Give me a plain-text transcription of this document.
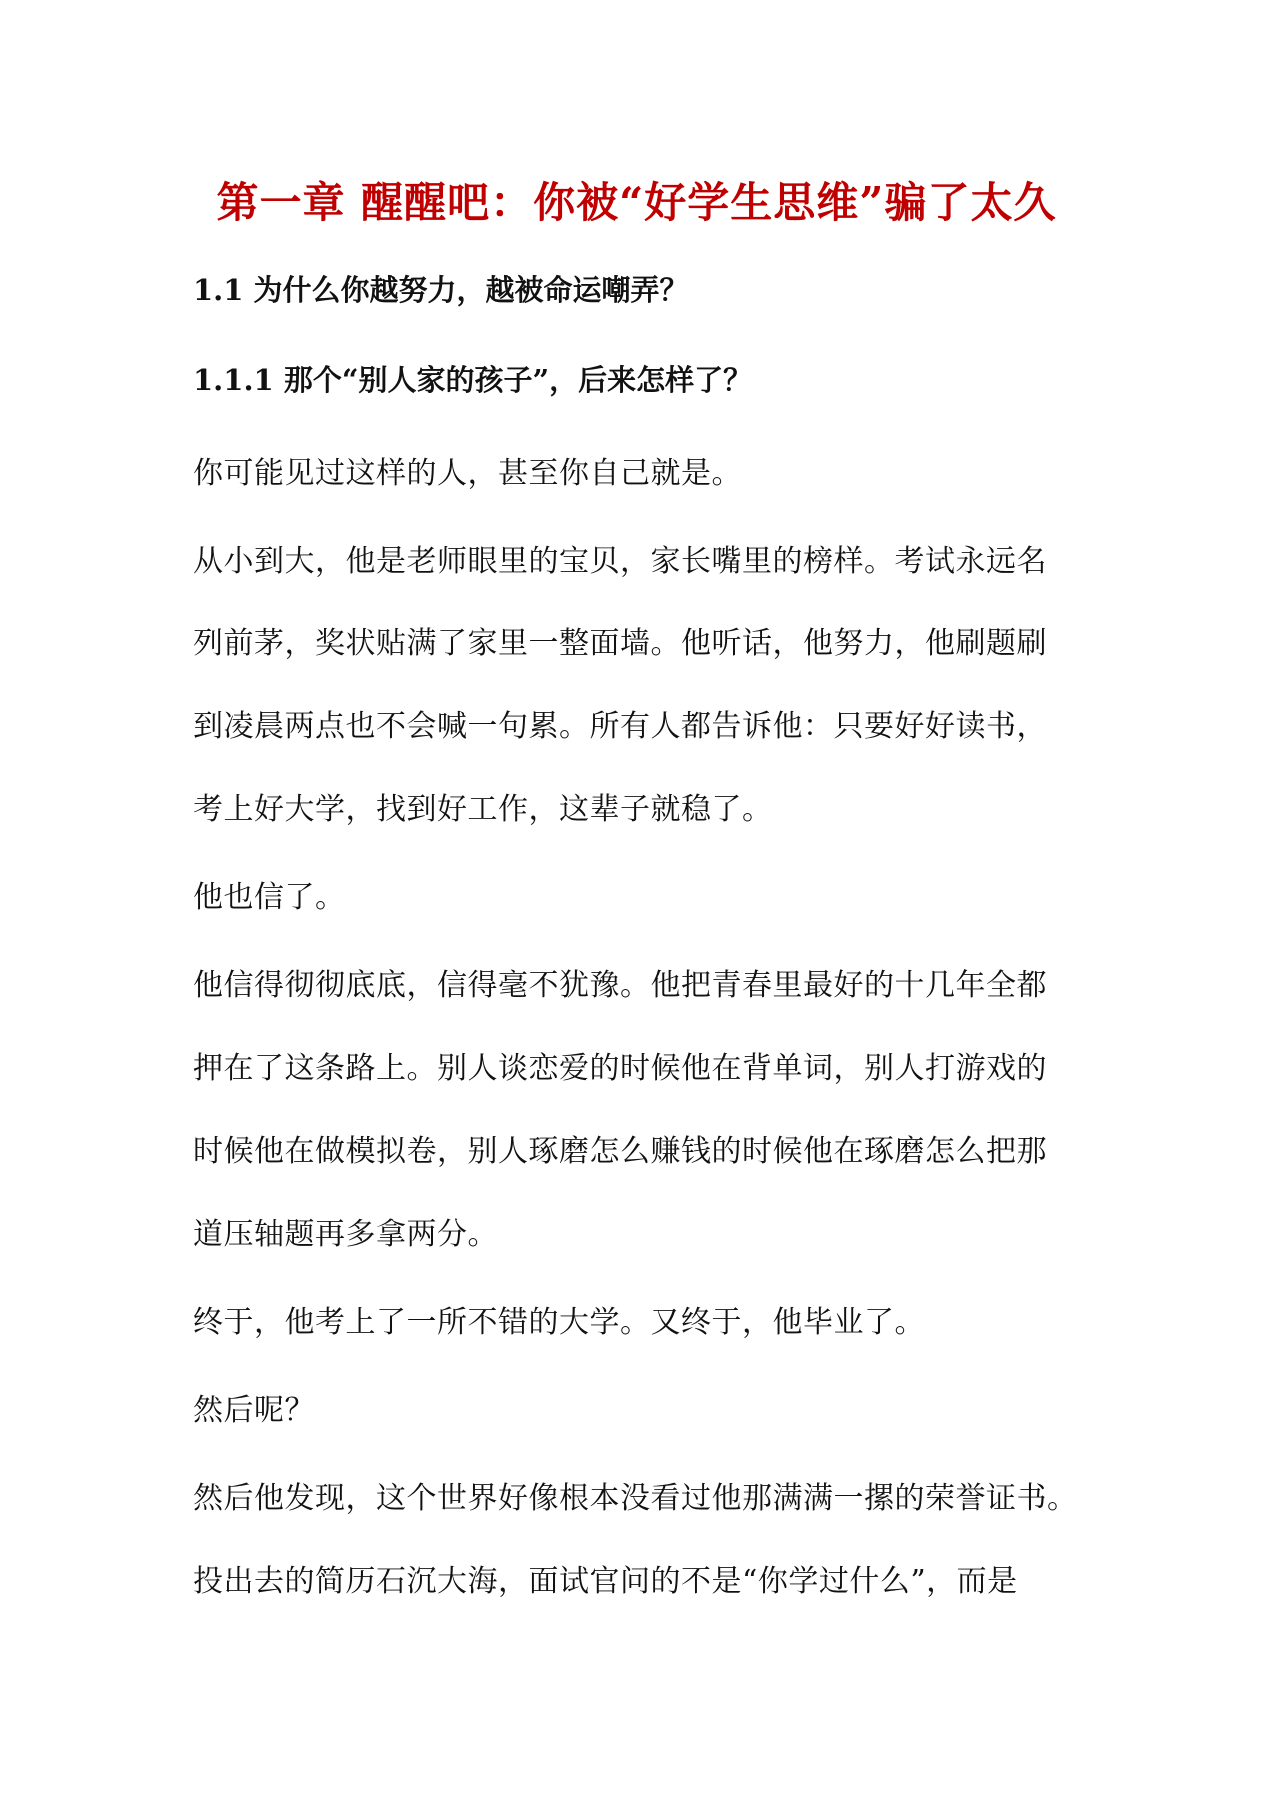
第一章 醒醒吧：你被“好学生思维”骗了太久
1.1 为什么你越努力，越被命运嘲弄？
1.1.1 那个“别人家的孩子”，后来怎样了？
你可能见过这样的人，甚至你自己就是。
从小到大，他是老师眼里的宝贝，家长嘴里的榜样。考试永远名
列前茅，奖状贴满了家里一整面墙。他听话，他努力，他刷题刷
到凌晨两点也不会喊一句累。所有人都告诉他：只要好好读书，
考上好大学，找到好工作，这辈子就稳了。
他也信了。
他信得彻彻底底，信得毫不犹豫。他把青春里最好的十几年全都
押在了这条路上。别人谈恋爱的时候他在背单词，别人打游戏的
时候他在做模拟卷，别人琢磨怎么赚钱的时候他在琢磨怎么把那
道压轴题再多拿两分。
终于，他考上了一所不错的大学。又终于，他毕业了。
然后呢？
然后他发现，这个世界好像根本没看过他那满满一摞的荣誉证书。
投出去的简历石沉大海，面试官问的不是“你学过什么”，而是
